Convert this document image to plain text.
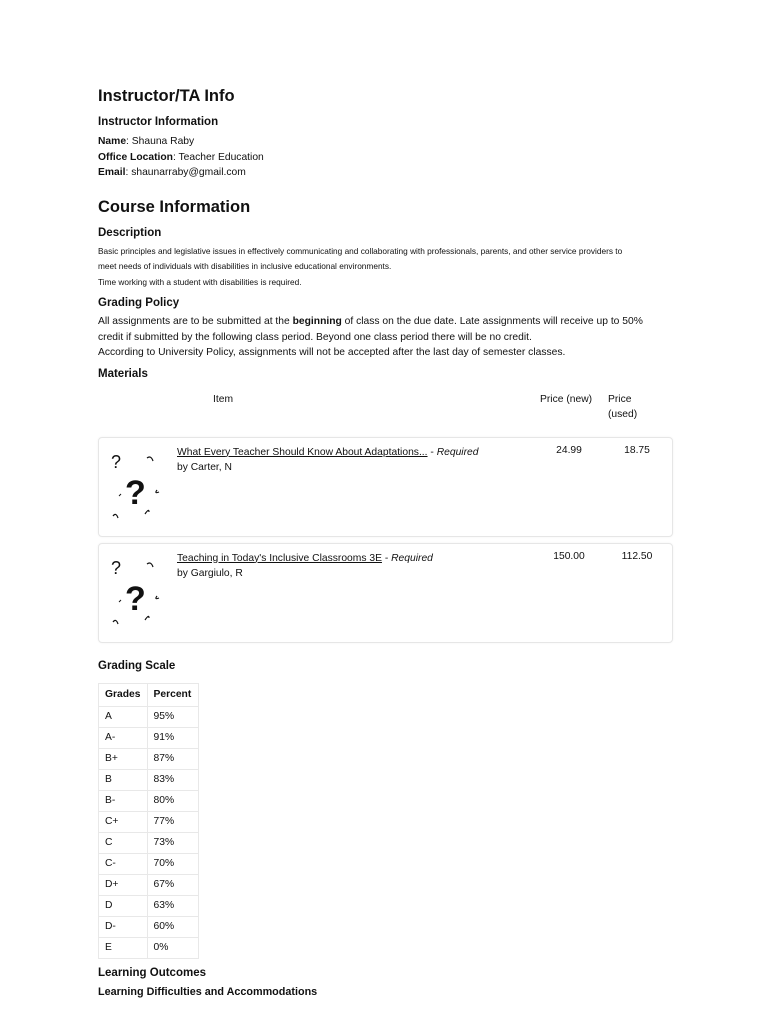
Instructor/TA Info
Instructor Information
Name: Shauna Raby
Office Location: Teacher Education
Email: shaunarraby@gmail.com
Course Information
Description
Basic principles and legislative issues in effectively communicating and collaborating with professionals, parents, and other service providers to
meet needs of individuals with disabilities in inclusive educational environments.
Time working with a student with disabilities is required.
Grading Policy
All assignments are to be submitted at the beginning of class on the due date. Late assignments will receive up to 50%
credit if submitted by the following class period. Beyond one class period there will be no credit.
According to University Policy, assignments will not be accepted after the last day of semester classes.
Materials
Item	Price (new) Price (used)
?
?
What Every Teacher Should Know About Adaptations... - Required
by Carter, N
24.99	18.75
?
?
Teaching in Today's Inclusive Classrooms 3E - Required
by Gargiulo, R
150.00	112.50
Grading Scale
Grades	Percent
A	95%
A-	91%
B+	87%
B	83%
B-	80%
C+	77%
C	73%
C-	70%
D+	67%
D	63%
D-	60%
E	0%
Learning Outcomes
Learning Difficulties and Accommodations
